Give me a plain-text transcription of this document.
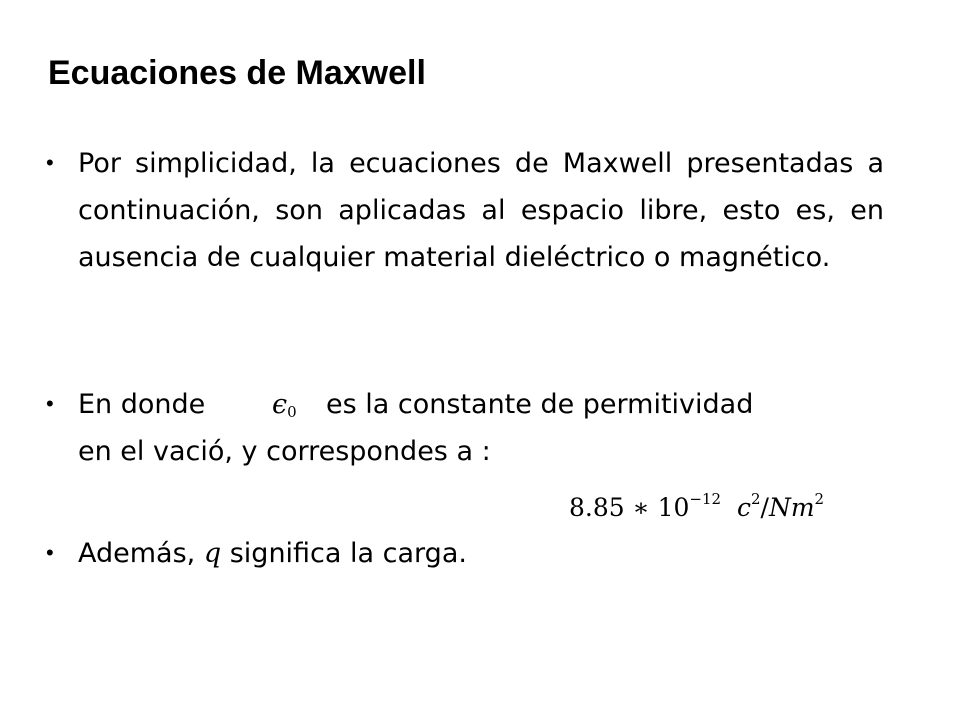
Ecuaciones de Maxwell
• Por simplicidad, la ecuaciones de Maxwell presentadas a continuación, son aplicadas al espacio libre, esto es, en ausencia de cualquier material dieléctrico o magnético.
• En donde $\epsilon_0$ es la constante de permitividad
en el vació, y correspondes a :
• Además, q significa la carga.
8.85 ∗ $10^{-12}$ $c^2/Nm^2$
